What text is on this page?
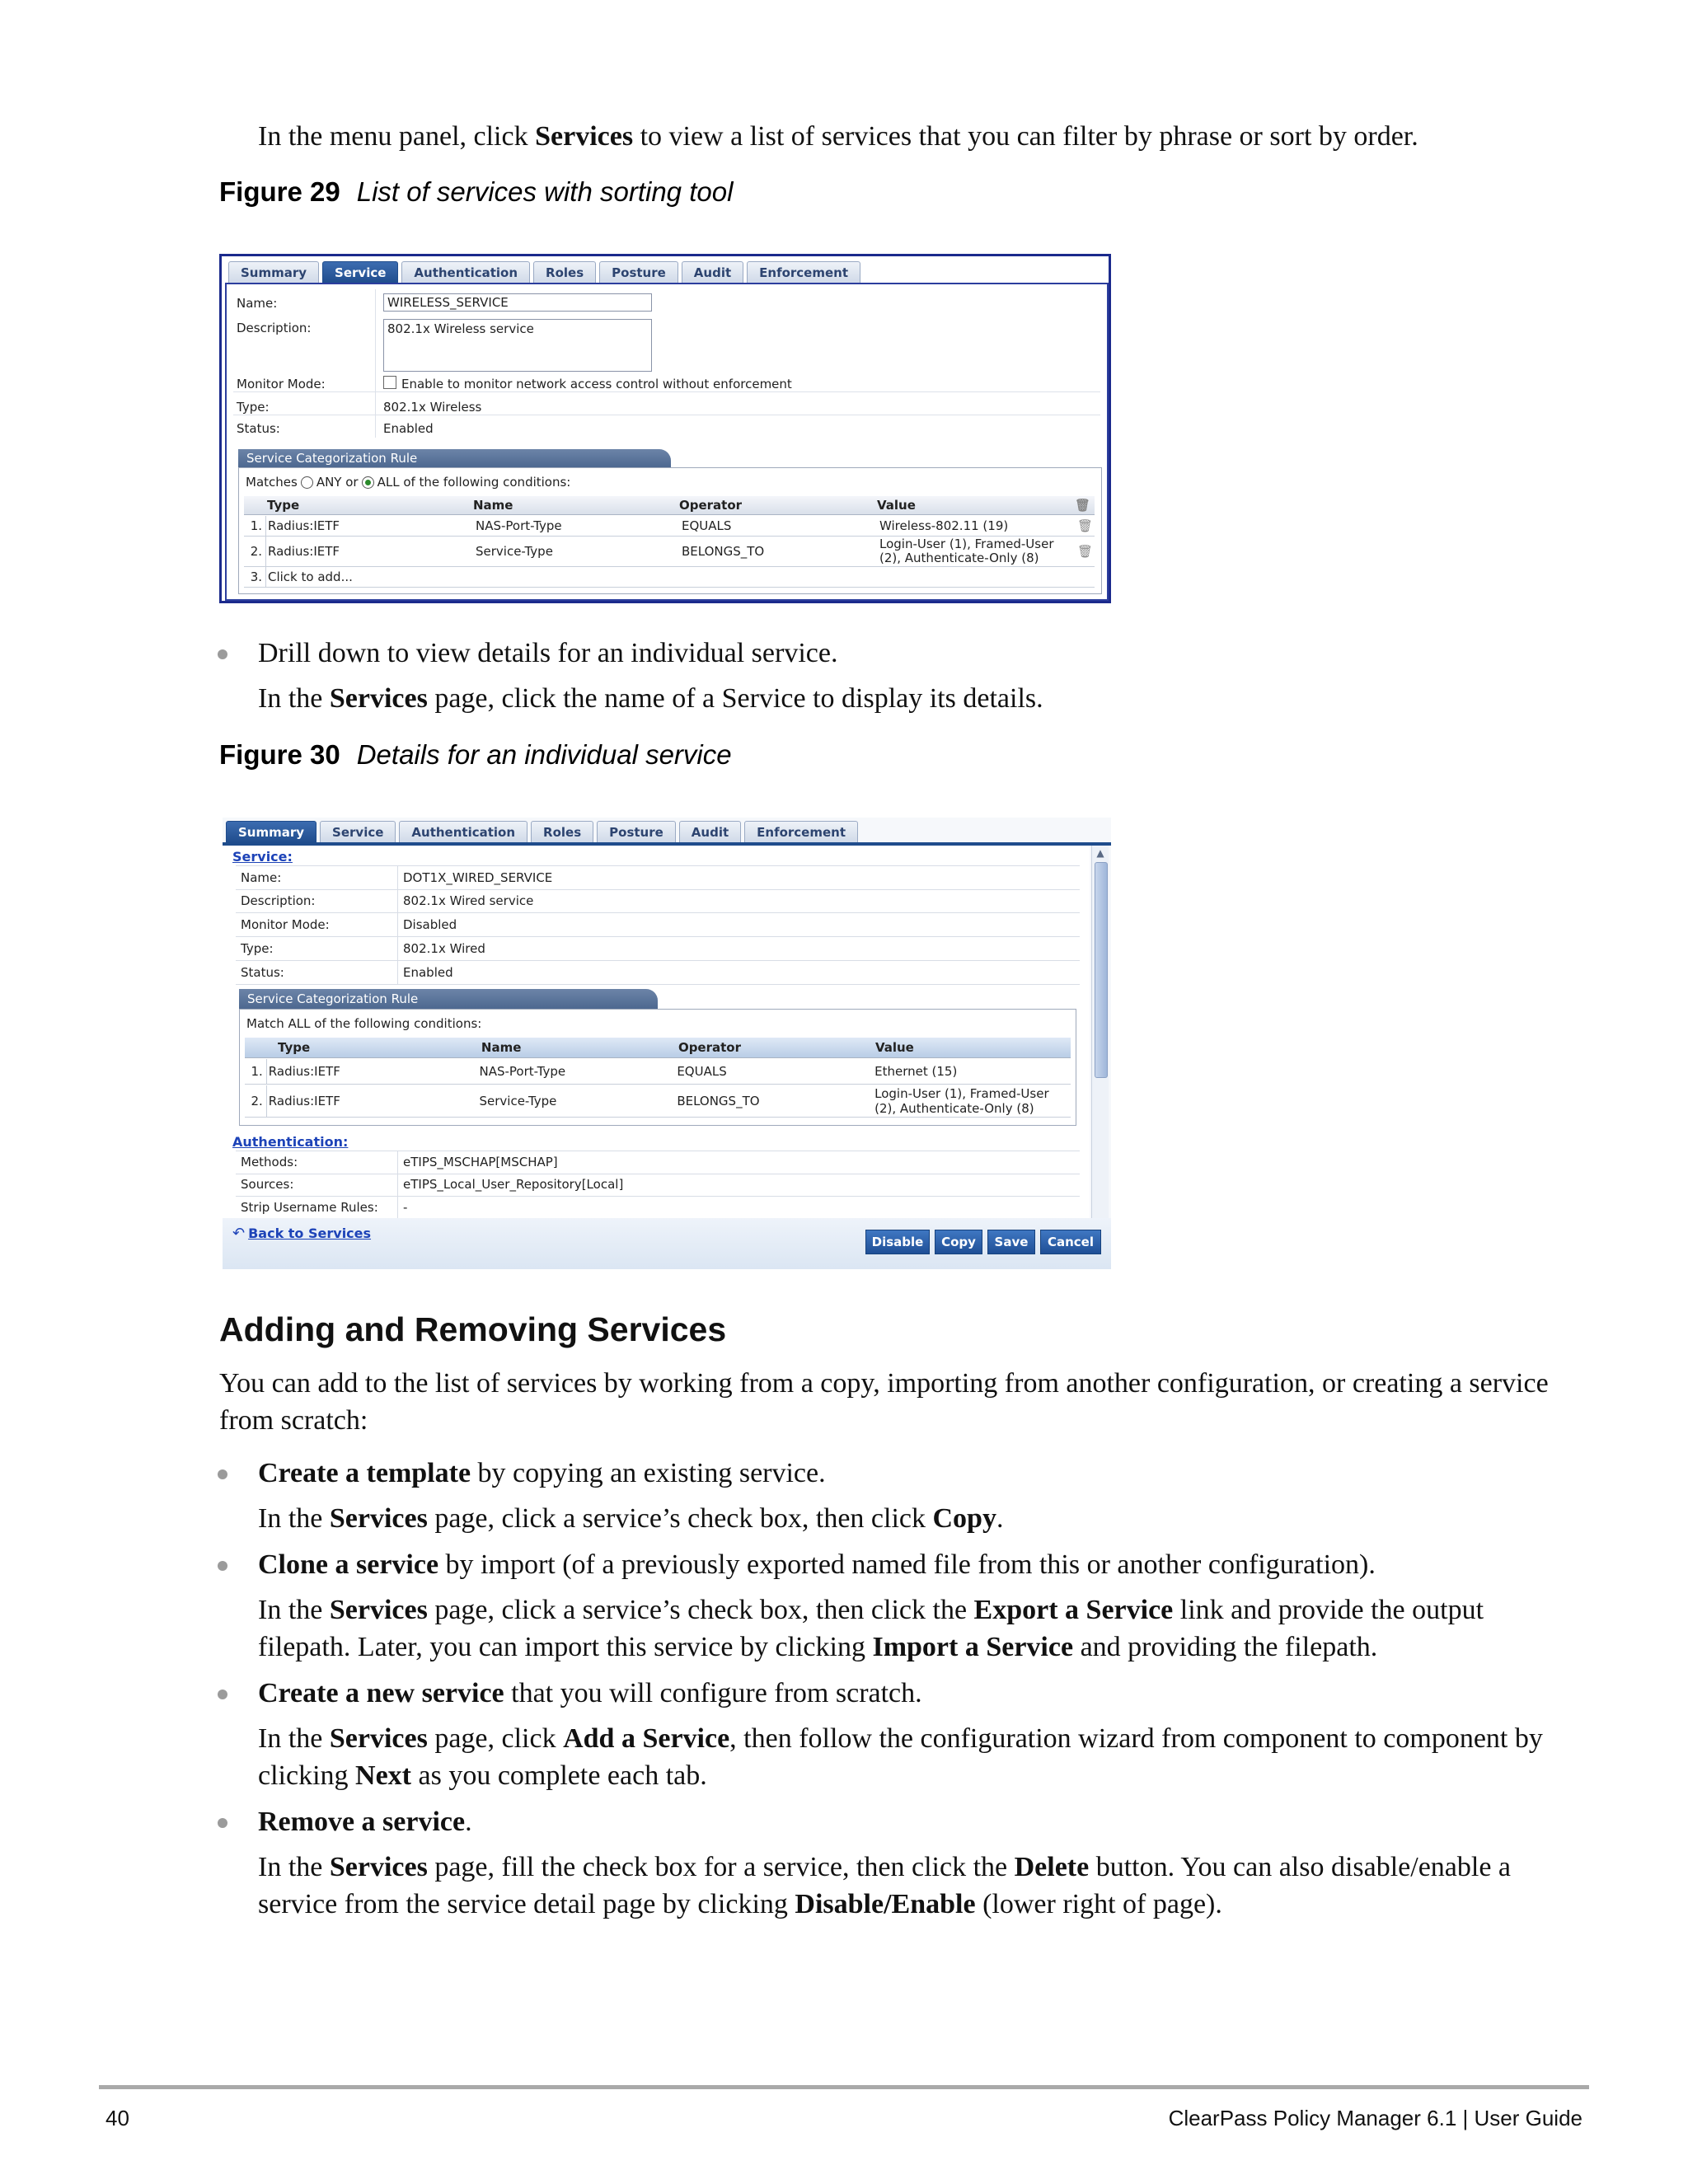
In the menu panel, click Services to view a list of services that you can filter by phrase or sort by order.
Figure 29 List of services with sorting tool
Summary	Service	Authentication	Roles	Posture	Audit	Enforcement
Name:	WIRELESS_SERVICE
Description:	802.1x Wireless service
Monitor Mode:	Enable to monitor network access control without enforcement
Type:	802.1x Wireless
Status:	Enabled
Service Categorization Rule
Matches ANY or ALL of the following conditions:
Type	Name	Operator	Value	🗑
1. Radius:IETF	NAS-Port-Type	EQUALS	Wireless-802.11 (19)	🗑
2. Radius:IETF	Service-Type	BELONGS_TO	Login-User (1), Framed-User
(2), Authenticate-Only (8)	🗑
3. Click to add...
Drill down to view details for an individual service.
In the Services page, click the name of a Service to display its details.
Figure 30 Details for an individual service
Summary	Service	Authentication	Roles	Posture	Audit	Enforcement
Service:
Name:	DOT1X_WIRED_SERVICE
Description:	802.1x Wired service
Monitor Mode:	Disabled
Type:	802.1x Wired
Status:	Enabled
Service Categorization Rule
Match ALL of the following conditions:
Type	Name	Operator	Value
1. Radius:IETF	NAS-Port-Type	EQUALS	Ethernet (15)
2. Radius:IETF	Service-Type	BELONGS_TO	Login-User (1), Framed-User
(2), Authenticate-Only (8)
Authentication:
Methods:	eTIPS_MSCHAP[MSCHAP]
Sources:	eTIPS_Local_User_Repository[Local]
Strip Username Rules:	-
▲
↶ Back to Services
Disable	Copy	Save	Cancel
Adding and Removing Services
You can add to the list of services by working from a copy, importing from another configuration, or creating a service
from scratch:
Create a template by copying an existing service.
In the Services page, click a service’s check box, then click Copy.
Clone a service by import (of a previously exported named file from this or another configuration).
In the Services page, click a service’s check box, then click the Export a Service link and provide the output
filepath. Later, you can import this service by clicking Import a Service and providing the filepath.
Create a new service that you will configure from scratch.
In the Services page, click Add a Service, then follow the configuration wizard from component to component by
clicking Next as you complete each tab.
Remove a service.
In the Services page, fill the check box for a service, then click the Delete button. You can also disable/enable a
service from the service detail page by clicking Disable/Enable (lower right of page).
40	ClearPass Policy Manager 6.1 | User Guide
